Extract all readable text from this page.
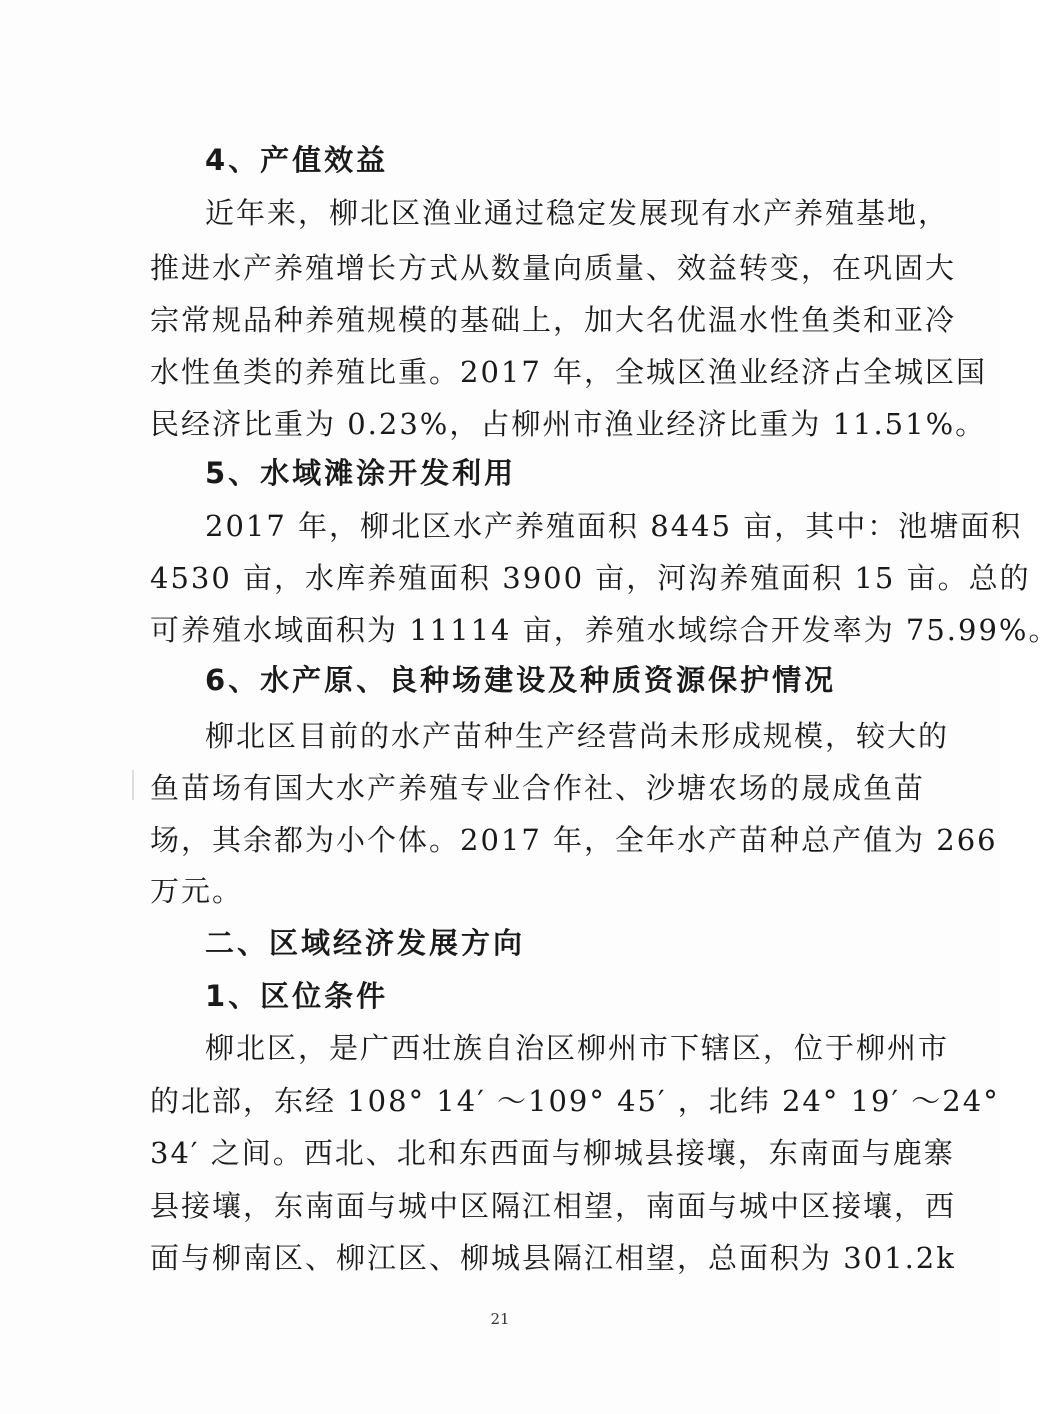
4、产值效益
近年来，柳北区渔业通过稳定发展现有水产养殖基地，
推进水产养殖增长方式从数量向质量、效益转变，在巩固大
宗常规品种养殖规模的基础上，加大名优温水性鱼类和亚冷
水性鱼类的养殖比重。2017 年，全城区渔业经济占全城区国
民经济比重为 0.23%，占柳州市渔业经济比重为 11.51%。
5、水域滩涂开发利用
2017 年，柳北区水产养殖面积 8445 亩，其中：池塘面积
4530 亩，水库养殖面积 3900 亩，河沟养殖面积 15 亩。总的
可养殖水域面积为 11114 亩，养殖水域综合开发率为 75.99%。
6、水产原、良种场建设及种质资源保护情况
柳北区目前的水产苗种生产经营尚未形成规模，较大的
鱼苗场有国大水产养殖专业合作社、沙塘农场的晟成鱼苗
场，其余都为小个体。2017 年，全年水产苗种总产值为 266
万元。
二、区域经济发展方向
1、区位条件
柳北区，是广西壮族自治区柳州市下辖区，位于柳州市
的北部，东经 108° 14′ ～109° 45′ ，北纬 24° 19′ ～24°
34′ 之间。西北、北和东西面与柳城县接壤，东南面与鹿寨
县接壤，东南面与城中区隔江相望，南面与城中区接壤，西
面与柳南区、柳江区、柳城县隔江相望，总面积为 301.2k
21
